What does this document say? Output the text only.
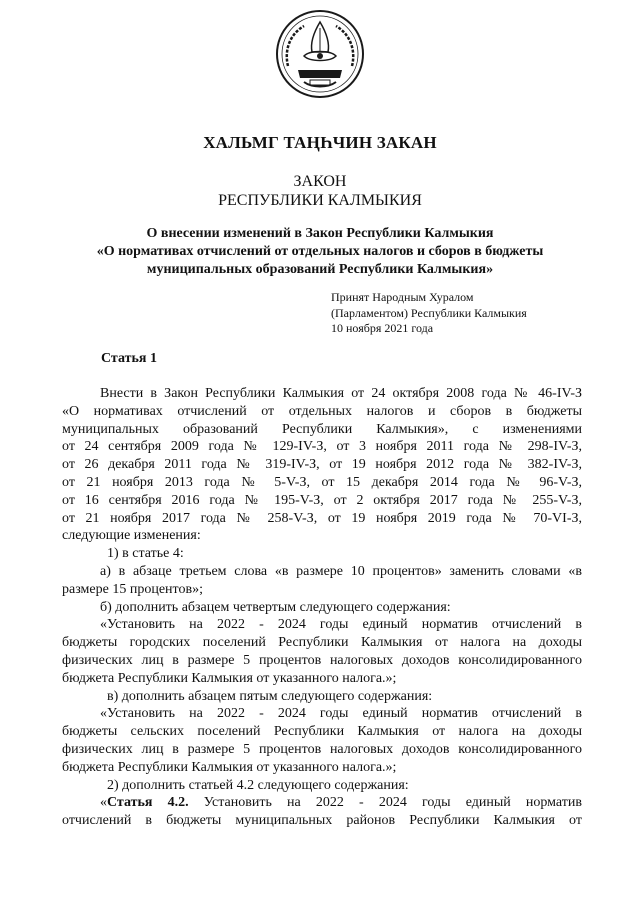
ХАЛЬМГ ТАҢҺЧИН ЗАКАН
ЗАКОН
РЕСПУБЛИКИ КАЛМЫКИЯ
О внесении изменений в Закон Республики Калмыкия
«О нормативах отчислений от отдельных налогов и сборов в бюджеты
муниципальных образований Республики Калмыкия»
Принят Народным Хуралом
(Парламентом) Республики Калмыкия
10 ноября 2021 года
Статья 1

Внести в Закон Республики Калмыкия от 24 октября 2008 года № 46-IV-З

«О нормативах отчислений от отдельных налогов и сборов в бюджеты

муниципальных образований Республики Калмыкия», с изменениями

от 24 сентября 2009 года № 129-IV-З, от 3 ноября 2011 года № 298-IV-З,

от 26 декабря 2011 года № 319-IV-З, от 19 ноября 2012 года № 382-IV-З,

от 21 ноября 2013 года № 5-V-З, от 15 декабря 2014 года № 96-V-З,

от 16 сентября 2016 года № 195-V-З, от 2 октября 2017 года № 255-V-З,

от 21 ноября 2017 года № 258-V-З, от 19 ноября 2019 года № 70-VI-З,

следующие изменения:

1) в статье 4:

а) в абзаце третьем слова «в размере 10 процентов» заменить словами «в

размере 15 процентов»;

б) дополнить абзацем четвертым следующего содержания:

«Установить на 2022 - 2024 годы единый норматив отчислений в

бюджеты городских поселений Республики Калмыкия от налога на доходы

физических лиц в размере 5 процентов налоговых доходов консолидированного

бюджета Республики Калмыкия от указанного налога.»;

в) дополнить абзацем пятым следующего содержания:

«Установить на 2022 - 2024 годы единый норматив отчислений в

бюджеты сельских поселений Республики Калмыкия от налога на доходы

физических лиц в размере 5 процентов налоговых доходов консолидированного

бюджета Республики Калмыкия от указанного налога.»;

2) дополнить статьей 4.2 следующего содержания:

«Статья 4.2. Установить на 2022 - 2024 годы единый норматив

отчислений в бюджеты муниципальных районов Республики Калмыкия от
